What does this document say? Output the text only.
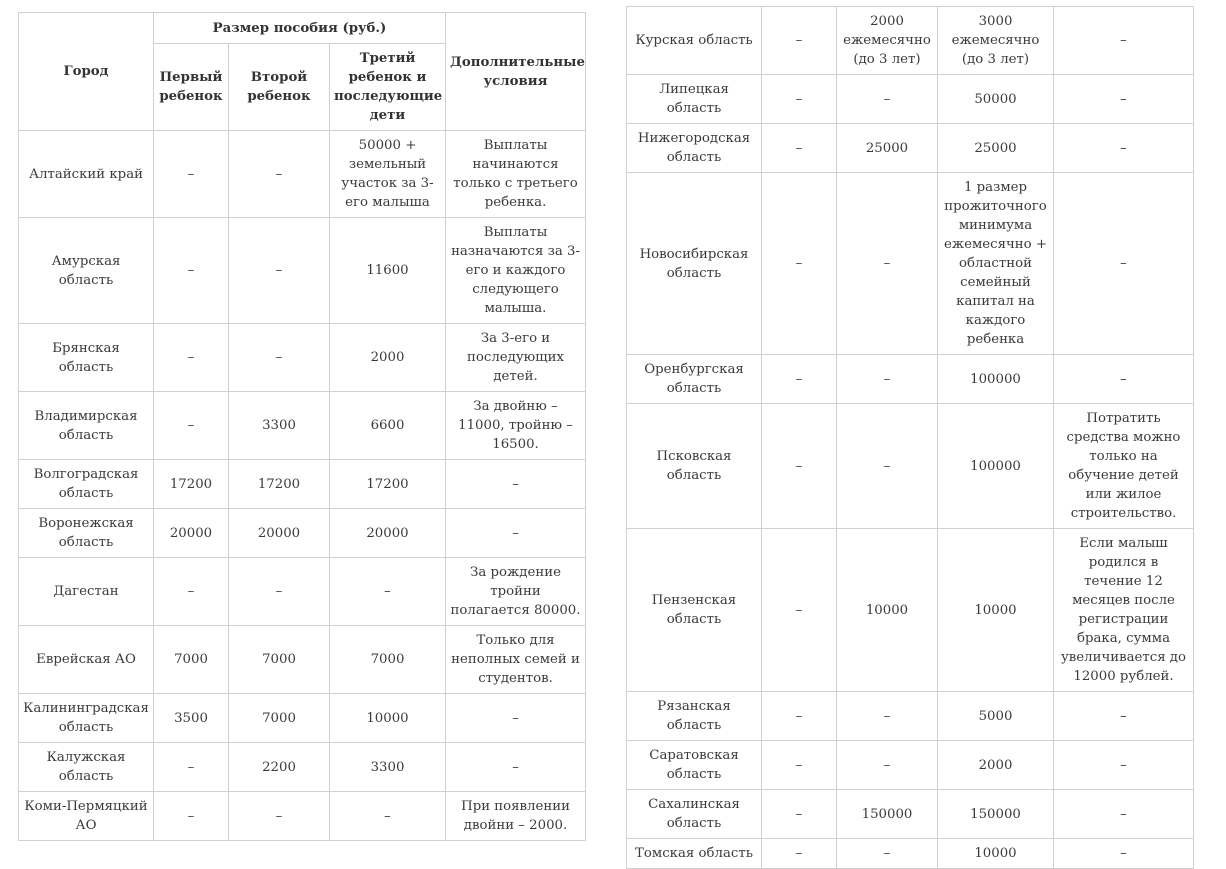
Город	Размер пособия (руб.)			Дополнительные условия
	Первый ребенок	Второй ребенок	Третий ребенок и последующие дети	
Алтайский край	–	–	50000 + земельный участок за 3-его малыша	Выплаты начинаются только с третьего ребенка.
Амурская область	–	–	11600	Выплаты назначаются за 3-его и каждого следующего малыша.
Брянская область	–	–	2000	За 3-его и последующих детей.
Владимирская область	–	3300	6600	За двойню – 11000, тройню – 16500.
Волгоградская область	17200	17200	17200	–
Воронежская область	20000	20000	20000	–
Дагестан	–	–	–	За рождение тройни полагается 80000.
Еврейская АО	7000	7000	7000	Только для неполных семей и студентов.
Калининградская область	3500	7000	10000	–
Калужская область	–	2200	3300	–
Коми-Пермяцкий АО	–	–	–	При появлении двойни – 2000.
Курская область	–	2000 ежемесячно (до 3 лет)	3000 ежемесячно (до 3 лет)	–
Липецкая область	–	–	50000	–
Нижегородская область	–	25000	25000	–
Новосибирская область	–	–	1 размер прожиточного минимума ежемесячно + областной семейный капитал на каждого ребенка	–
Оренбургская область	–	–	100000	–
Псковская область	–	–	100000	Потратить средства можно только на обучение детей или жилое строительство.
Пензенская область	–	10000	10000	Если малыш родился в течение 12 месяцев после регистрации брака, сумма увеличивается до 12000 рублей.
Рязанская область	–	–	5000	–
Саратовская область	–	–	2000	–
Сахалинская область	–	150000	150000	–
Томская область	–	–	10000	–
